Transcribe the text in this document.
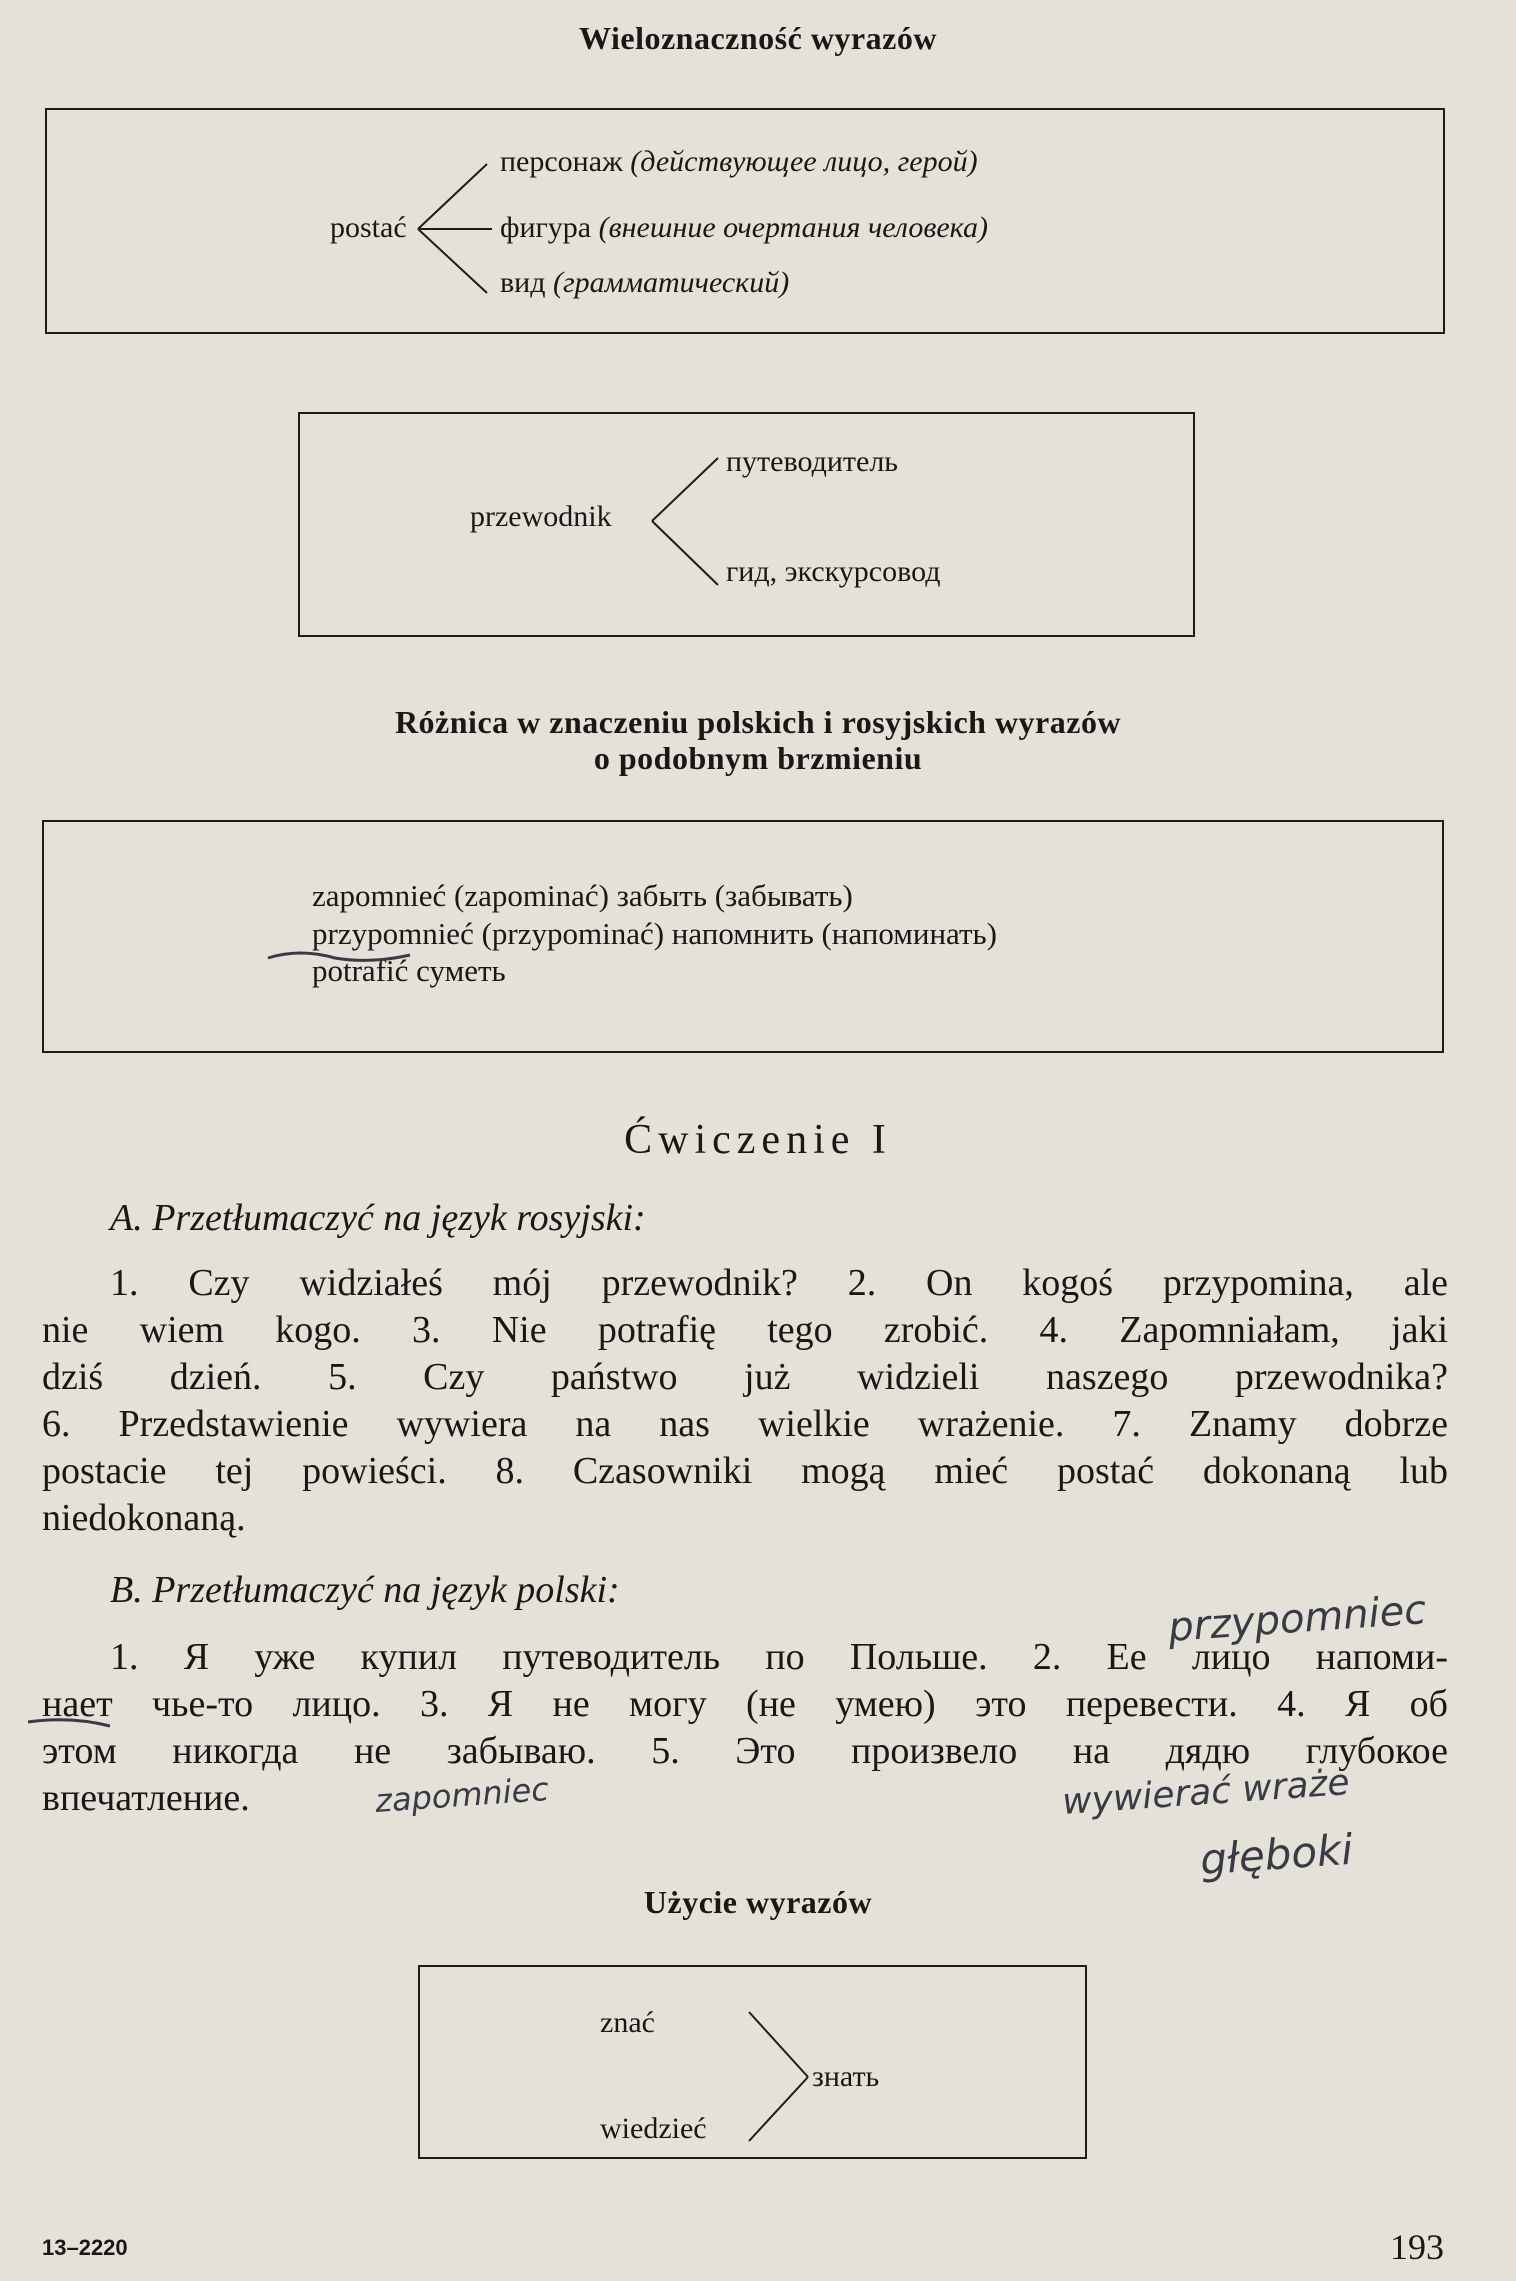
Wieloznaczność wyrazów
postać
персонаж (действующее лицо, герой)
фигура (внешние очертания человека)
вид (грамматический)
przewodnik
путеводитель
гид, экскурсовод
Różnica w znaczeniu polskich i rosyjskich wyrazów
o podobnym brzmieniu
zapomnieć (zapominać) забыть (забывать)
przypomnieć (przypominać) напомнить (напоминать)
potrafić суметь
Ćwiczenie I
A. Przetłumaczyć na język rosyjski:
1. Czy widziałeś mój przewodnik? 2. On kogoś przypomina, ale
nie wiem kogo. 3. Nie potrafię tego zrobić. 4. Zapomniałam, jaki
dziś dzień. 5. Czy państwo już widzieli naszego przewodnika?
6. Przedstawienie wywiera na nas wielkie wrażenie. 7. Znamy dobrze
postacie tej powieści. 8. Czasowniki mogą mieć postać dokonaną lub
niedokonaną.
B. Przetłumaczyć na język polski:
1. Я уже купил путеводитель по Польше. 2. Ее лицо напоми-
нает чье-то лицо. 3. Я не могу (не умею) это перевести. 4. Я об
этом никогда не забываю. 5. Это произвело на дядю глубокое
впечатление.
przypomniec
zapomniec	wywierać wraże
głęboki
Użycie wyrazów
znać
wiedzieć
знать
13–2220	193
